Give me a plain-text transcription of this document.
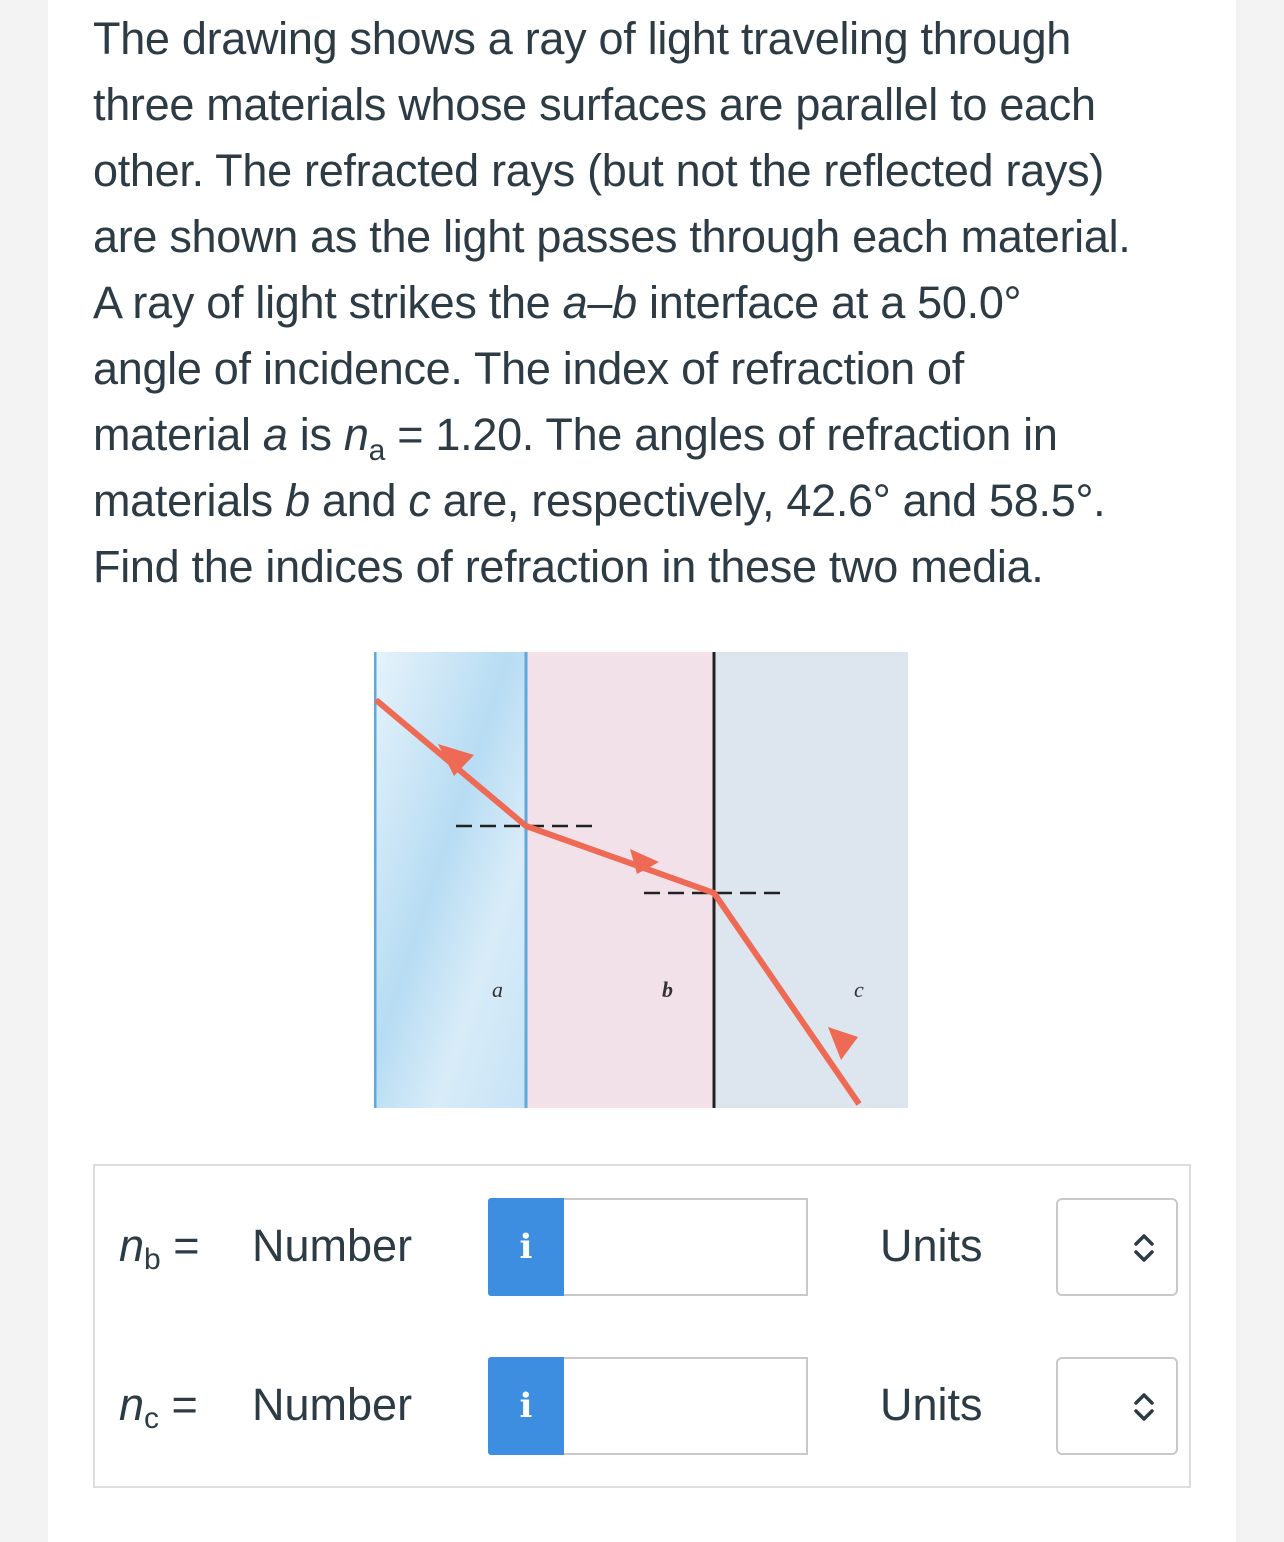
The drawing shows a ray of light traveling through

three materials whose surfaces are parallel to each

other. The refracted rays (but not the reflected rays)

are shown as the light passes through each material.

A ray of light strikes the a–b interface at a 50.0°

angle of incidence. The index of refraction of

material a is $n_a = 1.20$. The angles of refraction in

materials b and c are, respectively, 42.6° and 58.5°.

Find the indices of refraction in these two media.

a	b	c
$n_b$ = Number	i	Units
$n_c$ = Number	i	Units
